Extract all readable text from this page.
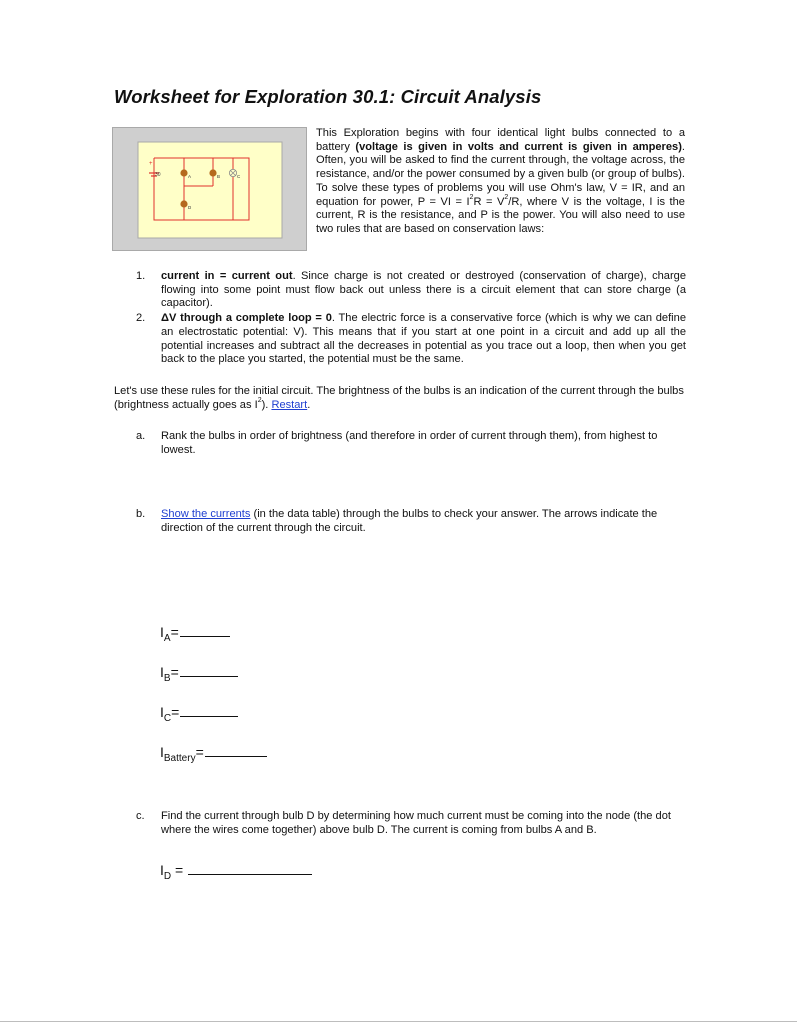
Worksheet for Exploration 30.1: Circuit Analysis
+
30	A	B	C
D
This Exploration begins with four identical light bulbs connected to a battery (voltage is given in volts and current is given in amperes). Often, you will be asked to find the current through, the voltage across, the resistance, and/or the power consumed by a given bulb (or group of bulbs). To solve these types of problems you will use Ohm's law, V = IR, and an equation for power, P = VI = $I^2R = V^2/R$, where V is the voltage, I is the current, R is the resistance, and P is the power. You will also need to use two rules that are based on conservation laws:
1. current in = current out. Since charge is not created or destroyed (conservation of charge), charge flowing into some point must flow back out unless there is a circuit element that can store charge (a capacitor).
2. ΔV through a complete loop = 0. The electric force is a conservative force (which is why we can define an electrostatic potential: V). This means that if you start at one point in a circuit and add up all the potential increases and subtract all the decreases in potential as you trace out a loop, then when you get back to the place you started, the potential must be the same.
Let's use these rules for the initial circuit. The brightness of the bulbs is an indication of the current through the bulbs (brightness actually goes as $I^2$). Restart.
a.	Rank the bulbs in order of brightness (and therefore in order of current through them), from highest to lowest.
b.	Show the currents (in the data table) through the bulbs to check your answer. The arrows indicate the direction of the current through the circuit.
$I_A=$
$I_B=$
$I_C=$
$I_{Battery}=$
c.	Find the current through bulb D by determining how much current must be coming into the node (the dot where the wires come together) above bulb D. The current is coming from bulbs A and B.
$I_D$ =
